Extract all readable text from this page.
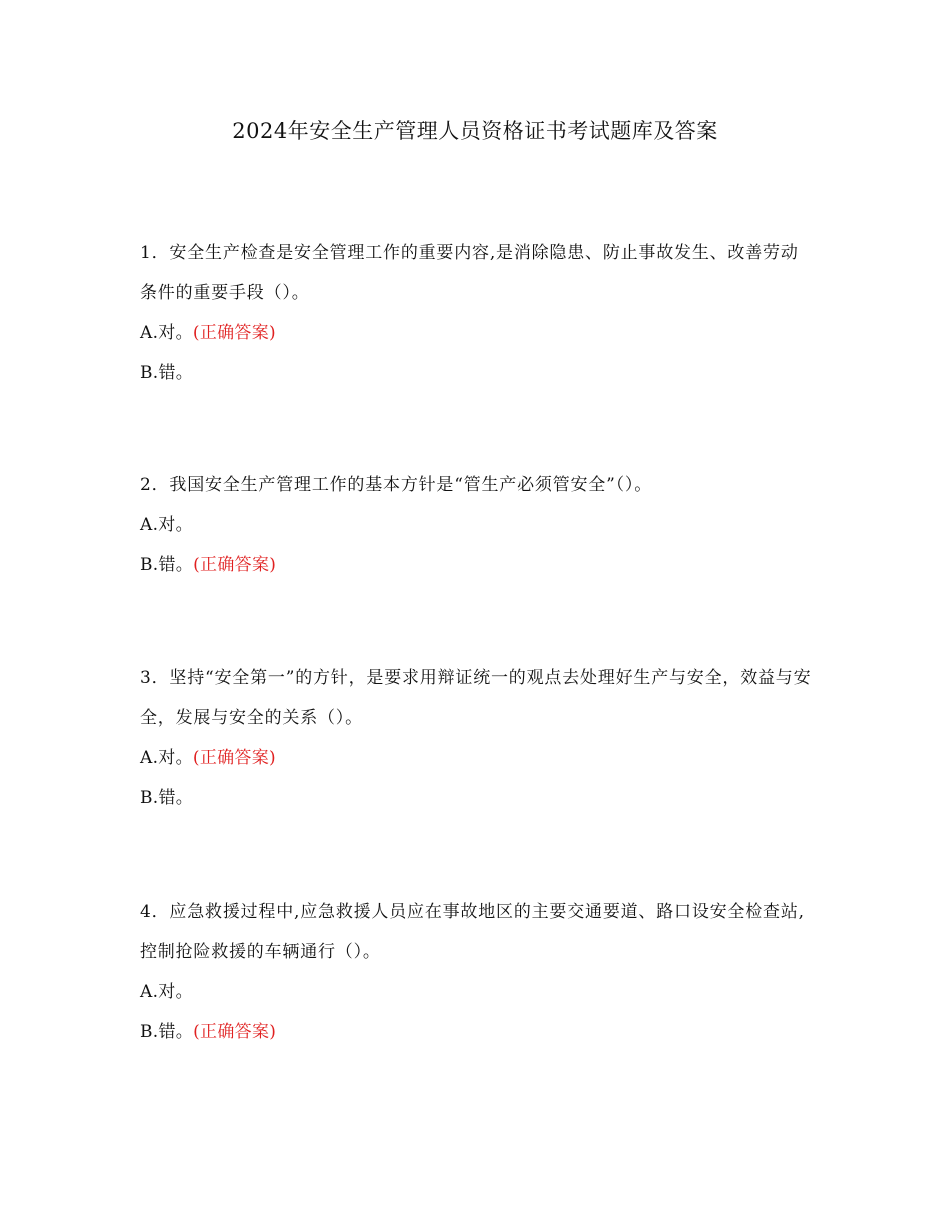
2024年安全生产管理人员资格证书考试题库及答案

1．安全生产检查是安全管理工作的重要内容,是消除隐患、防止事故发生、改善劳动条件的重要手段（）。

A.对。(正确答案)

B.错。

2．我国安全生产管理工作的基本方针是“管生产必须管安全”（）。

A.对。

B.错。(正确答案)

3．坚持“安全第一”的方针，是要求用辩证统一的观点去处理好生产与安全，效益与安全，发展与安全的关系（）。

A.对。(正确答案)

B.错。

4．应急救援过程中,应急救援人员应在事故地区的主要交通要道、路口设安全检查站,控制抢险救援的车辆通行（）。

A.对。

B.错。(正确答案)
